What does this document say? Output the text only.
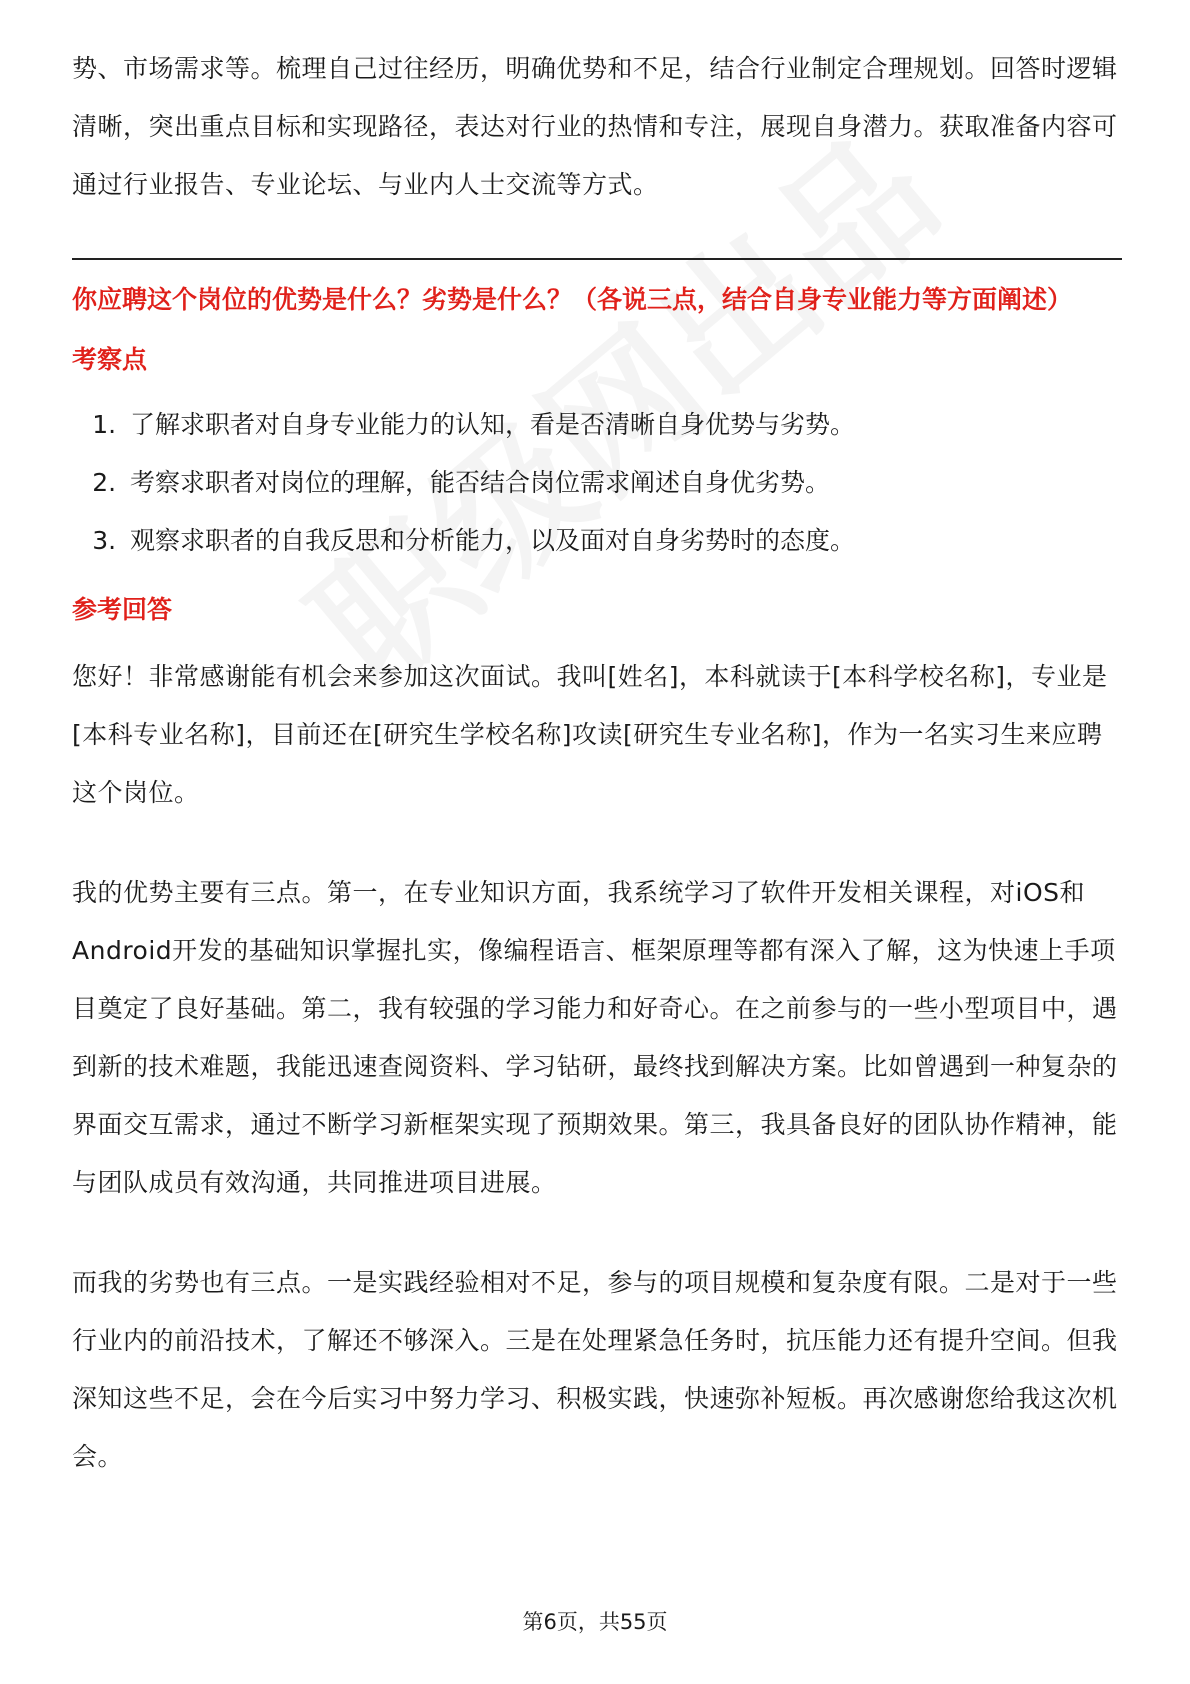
势、市场需求等。梳理自己过往经历，明确优势和不足，结合行业制定合理规划。回答时逻辑清晰，突出重点目标和实现路径，表达对行业的热情和专注，展现自身潜力。获取准备内容可通过行业报告、专业论坛、与业内人士交流等方式。

你应聘这个岗位的优势是什么？劣势是什么？（各说三点，结合自身专业能力等方面阐述）

考察点

1. 了解求职者对自身专业能力的认知，看是否清晰自身优势与劣势。
2. 考察求职者对岗位的理解，能否结合岗位需求阐述自身优劣势。
3. 观察求职者的自我反思和分析能力，以及面对自身劣势时的态度。

参考回答

您好！非常感谢能有机会来参加这次面试。我叫[姓名]，本科就读于[本科学校名称]，专业是[本科专业名称]，目前还在[研究生学校名称]攻读[研究生专业名称]，作为一名实习生来应聘这个岗位。

我的优势主要有三点。第一，在专业知识方面，我系统学习了软件开发相关课程，对iOS和Android开发的基础知识掌握扎实，像编程语言、框架原理等都有深入了解，这为快速上手项目奠定了良好基础。第二，我有较强的学习能力和好奇心。在之前参与的一些小型项目中，遇到新的技术难题，我能迅速查阅资料、学习钻研，最终找到解决方案。比如曾遇到一种复杂的界面交互需求，通过不断学习新框架实现了预期效果。第三，我具备良好的团队协作精神，能与团队成员有效沟通，共同推进项目进展。

而我的劣势也有三点。一是实践经验相对不足，参与的项目规模和复杂度有限。二是对于一些行业内的前沿技术，了解还不够深入。三是在处理紧急任务时，抗压能力还有提升空间。但我深知这些不足，会在今后实习中努力学习、积极实践，快速弥补短板。再次感谢您给我这次机会。

第6页，共55页
